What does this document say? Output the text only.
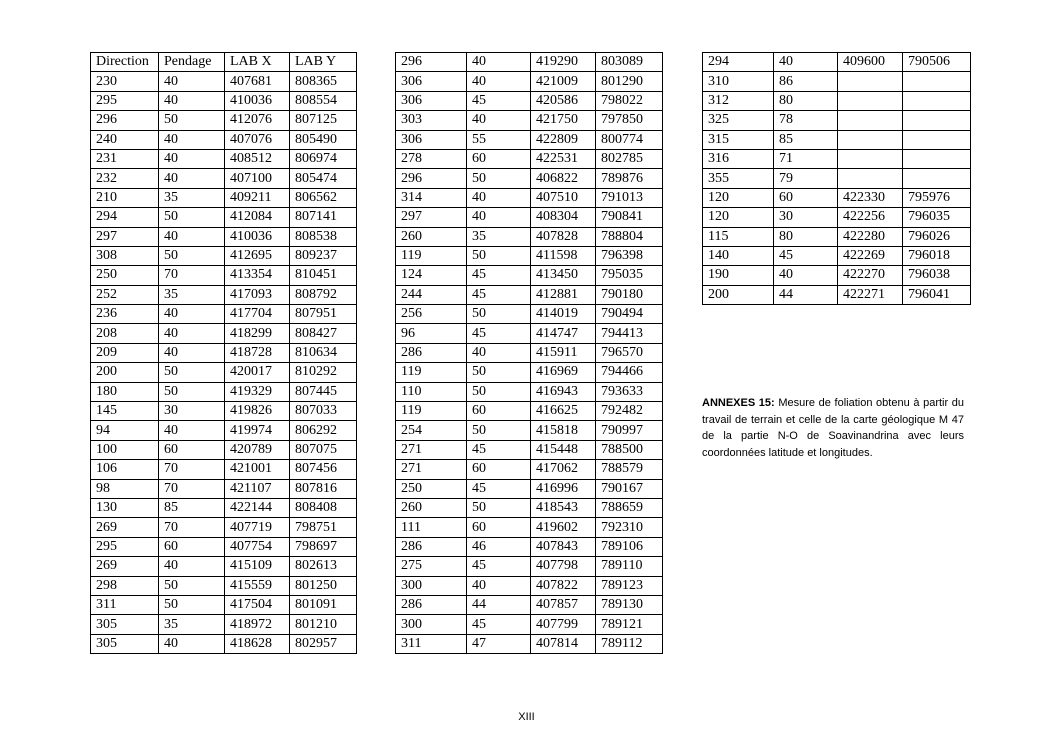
Direction	Pendage	LAB X	LAB Y
230	40	407681	808365
295	40	410036	808554
296	50	412076	807125
240	40	407076	805490
231	40	408512	806974
232	40	407100	805474
210	35	409211	806562
294	50	412084	807141
297	40	410036	808538
308	50	412695	809237
250	70	413354	810451
252	35	417093	808792
236	40	417704	807951
208	40	418299	808427
209	40	418728	810634
200	50	420017	810292
180	50	419329	807445
145	30	419826	807033
94	40	419974	806292
100	60	420789	807075
106	70	421001	807456
98	70	421107	807816
130	85	422144	808408
269	70	407719	798751
295	60	407754	798697
269	40	415109	802613
298	50	415559	801250
311	50	417504	801091
305	35	418972	801210
305	40	418628	802957
296	40	419290	803089
306	40	421009	801290
306	45	420586	798022
303	40	421750	797850
306	55	422809	800774
278	60	422531	802785
296	50	406822	789876
314	40	407510	791013
297	40	408304	790841
260	35	407828	788804
119	50	411598	796398
124	45	413450	795035
244	45	412881	790180
256	50	414019	790494
96	45	414747	794413
286	40	415911	796570
119	50	416969	794466
110	50	416943	793633
119	60	416625	792482
254	50	415818	790997
271	45	415448	788500
271	60	417062	788579
250	45	416996	790167
260	50	418543	788659
111	60	419602	792310
286	46	407843	789106
275	45	407798	789110
300	40	407822	789123
286	44	407857	789130
300	45	407799	789121
311	47	407814	789112
294	40	409600	790506
310	86		
312	80		
325	78		
315	85		
316	71		
355	79		
120	60	422330	795976
120	30	422256	796035
115	80	422280	796026
140	45	422269	796018
190	40	422270	796038
200	44	422271	796041
ANNEXES 15: Mesure de foliation obtenu à partir du travail de terrain et celle de la carte géologique M 47 de la partie N-O de Soavinandrina avec leurs coordonnées latitude et longitudes.
XIII
